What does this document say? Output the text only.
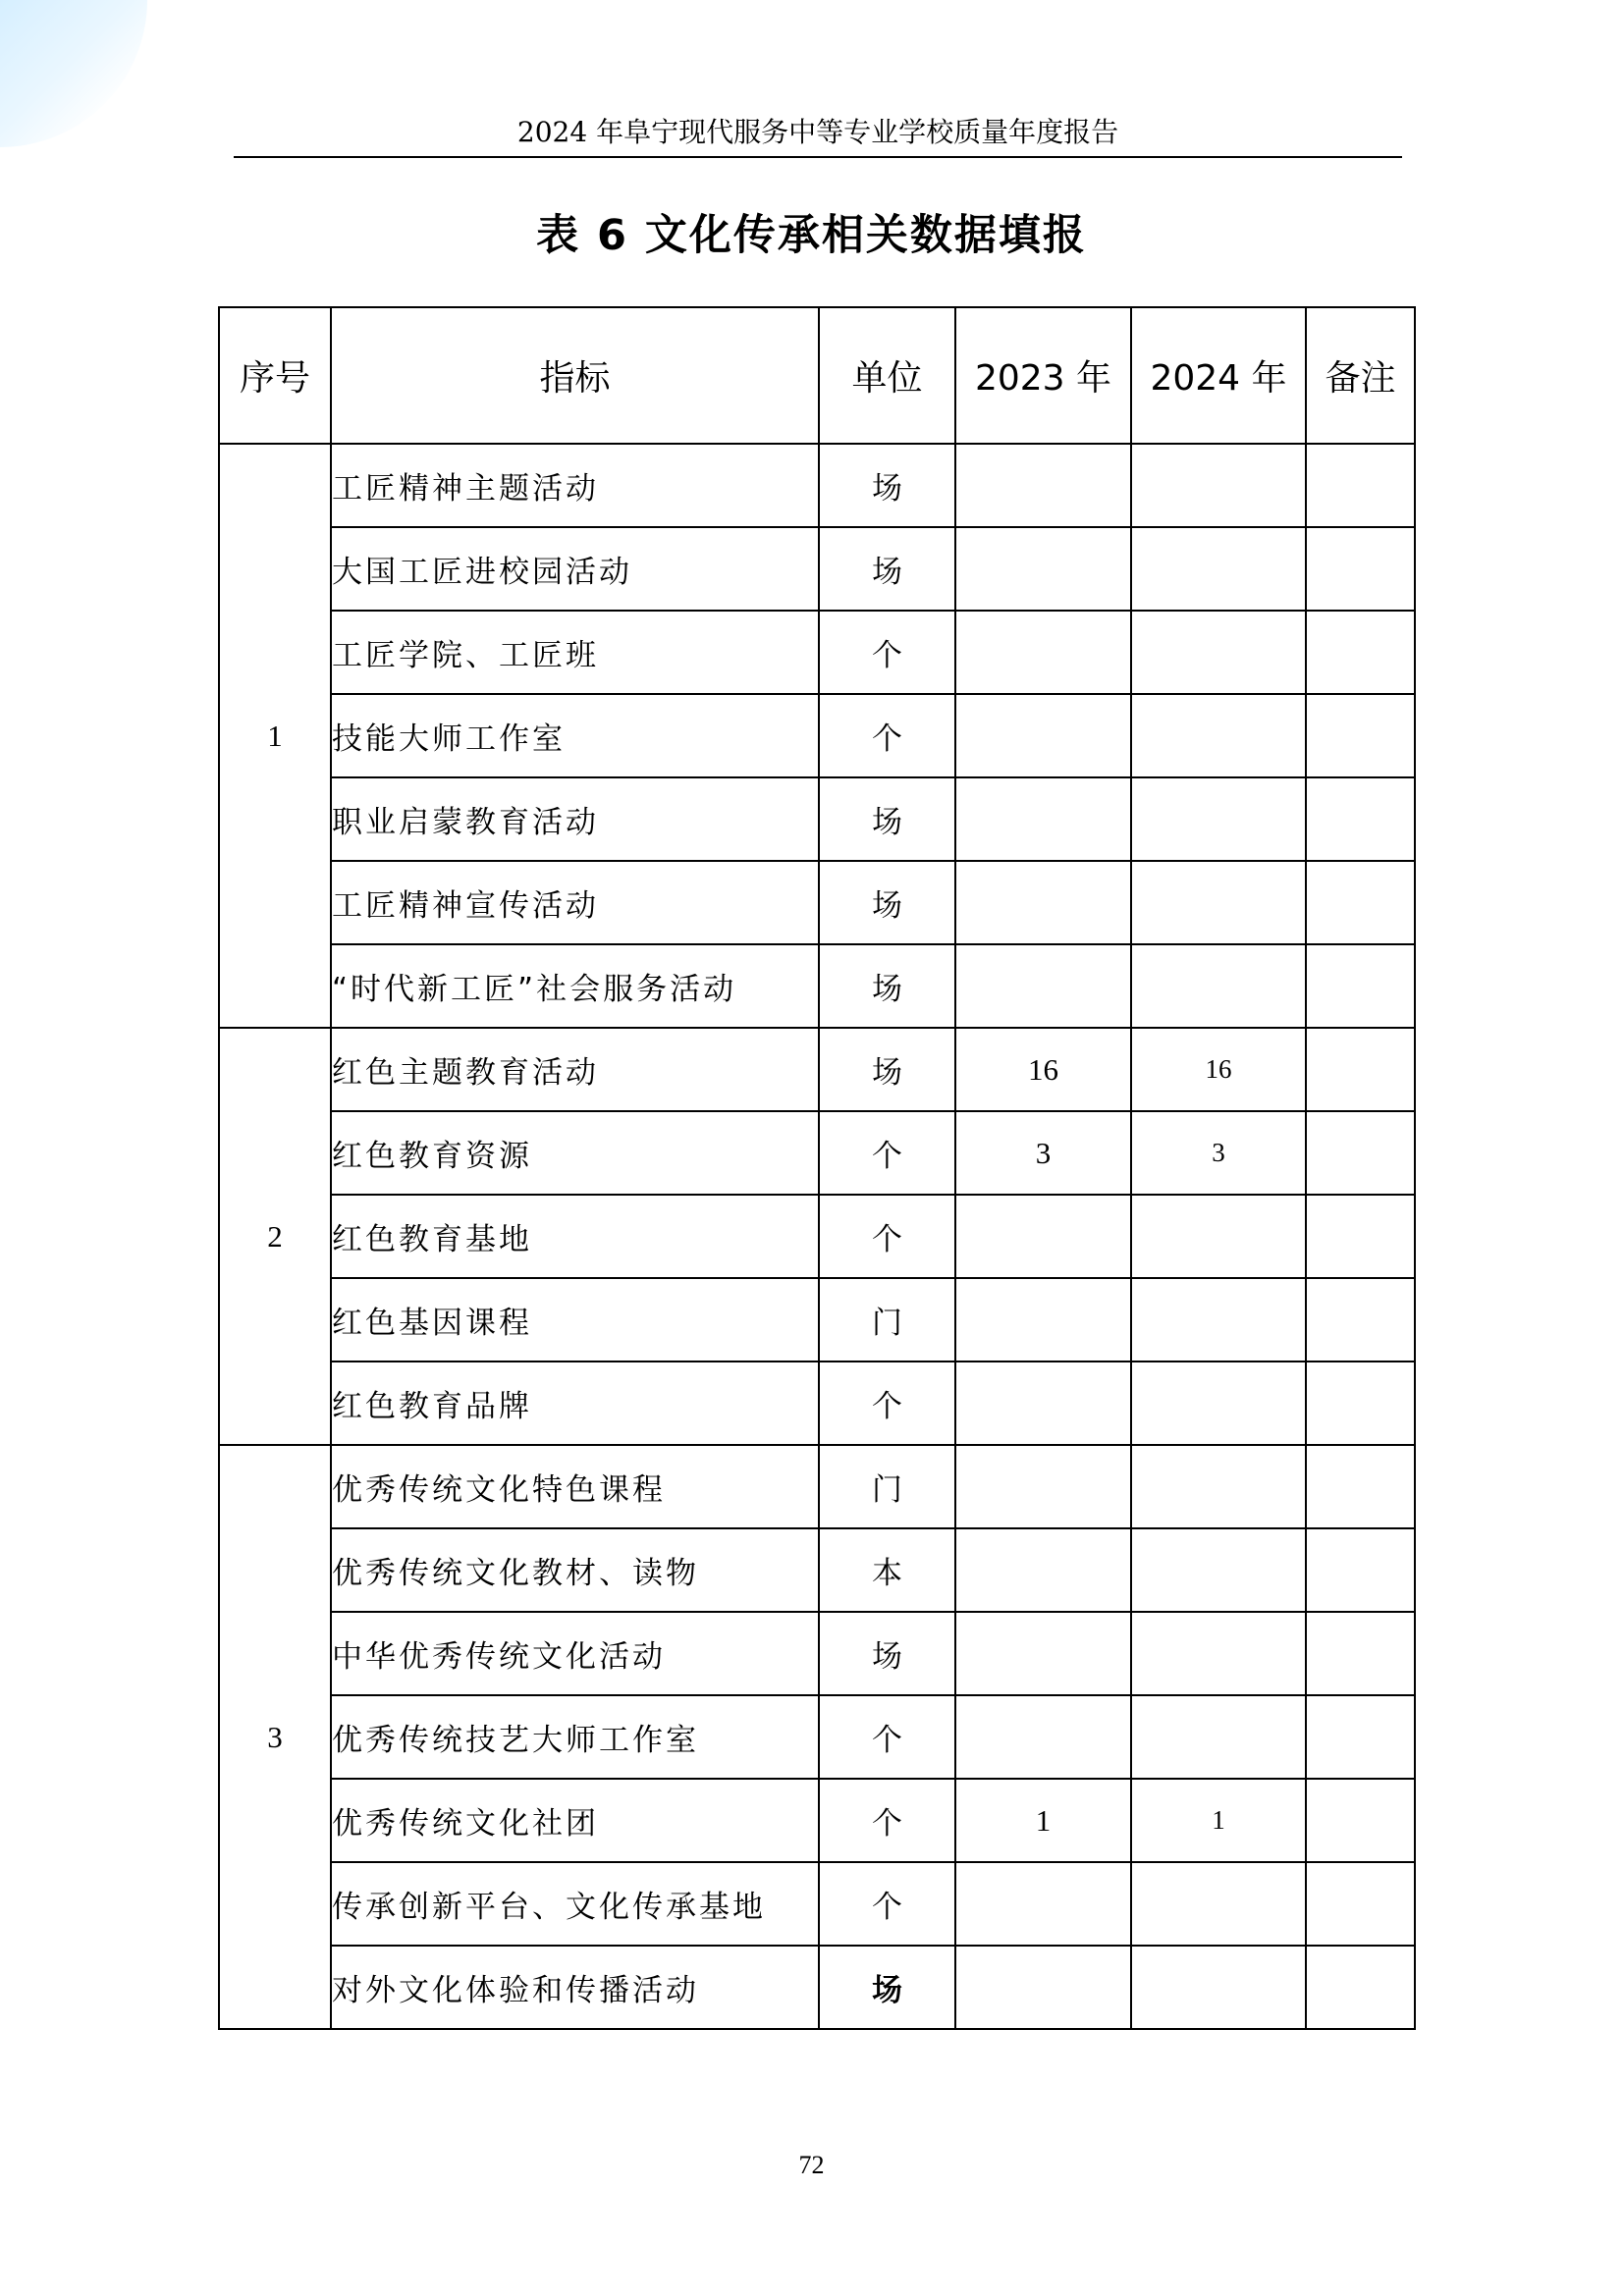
2024 年阜宁现代服务中等专业学校质量年度报告
表 6 文化传承相关数据填报
序号	指标	单位	2023 年	2024 年	备注
1	工匠精神主题活动	场			
	大国工匠进校园活动	场			
	工匠学院、工匠班	个			
	技能大师工作室	个			
	职业启蒙教育活动	场			
	工匠精神宣传活动	场			
	“时代新工匠”社会服务活动	场			
2	红色主题教育活动	场	16	16	
	红色教育资源	个	3	3	
	红色教育基地	个			
	红色基因课程	门			
	红色教育品牌	个			
3	优秀传统文化特色课程	门			
	优秀传统文化教材、读物	本			
	中华优秀传统文化活动	场			
	优秀传统技艺大师工作室	个			
	优秀传统文化社团	个	1	1	
	传承创新平台、文化传承基地	个			
	对外文化体验和传播活动	场			
72
